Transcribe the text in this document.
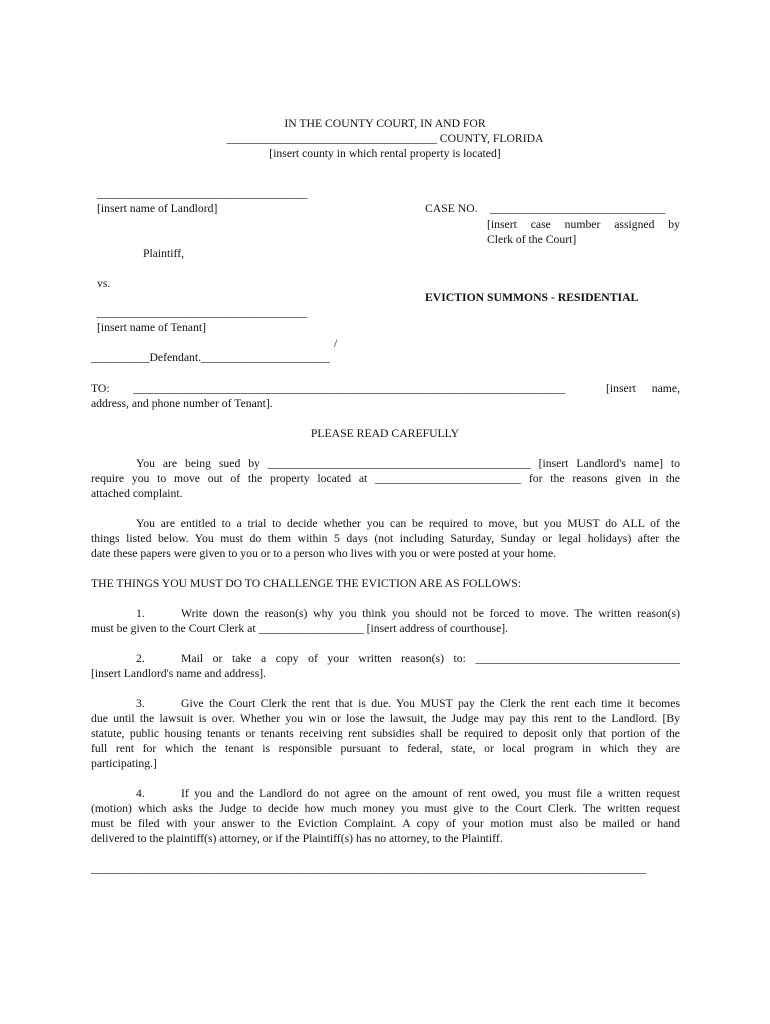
IN THE COUNTY COURT, IN AND FOR
____________________________________ COUNTY, FLORIDA
[insert county in which rental property is located]
____________________________________
[insert name of Landlord]
Plaintiff,
vs.
____________________________________
[insert name of Tenant]
/
__________Defendant.______________________
CASE NO. ______________________________
[insert case number assigned by
Clerk of the Court]
EVICTION SUMMONS - RESIDENTIAL
TO: __________________________________________________________________________	[insert name,
address, and phone number of Tenant].
PLEASE READ CAREFULLY
You are being sued by _____________________________________________ [insert Landlord's name] to
require you to move out of the property located at _________________________ for the reasons given in the
attached complaint.
You are entitled to a trial to decide whether you can be required to move, but you MUST do ALL of the
things listed below. You must do them within 5 days (not including Saturday, Sunday or legal holidays) after the
date these papers were given to you or to a person who lives with you or were posted at your home.
THE THINGS YOU MUST DO TO CHALLENGE THE EVICTION ARE AS FOLLOWS:
1.	Write down the reason(s) why you think you should not be forced to move. The written reason(s)
must be given to the Court Clerk at __________________ [insert address of courthouse].
2.	Mail or take a copy of your written reason(s) to: ___________________________________
[insert Landlord's name and address].
3.	Give the Court Clerk the rent that is due. You MUST pay the Clerk the rent each time it becomes
due until the lawsuit is over. Whether you win or lose the lawsuit, the Judge may pay this rent to the Landlord. [By
statute, public housing tenants or tenants receiving rent subsidies shall be required to deposit only that portion of the
full rent for which the tenant is responsible pursuant to federal, state, or local program in which they are
participating.]
4.	If you and the Landlord do not agree on the amount of rent owed, you must file a written request
(motion) which asks the Judge to decide how much money you must give to the Court Clerk. The written request
must be filed with your answer to the Eviction Complaint. A copy of your motion must also be mailed or hand
delivered to the plaintiff(s) attorney, or if the Plaintiff(s) has no attorney, to the Plaintiff.
_______________________________________________________________________________________________
